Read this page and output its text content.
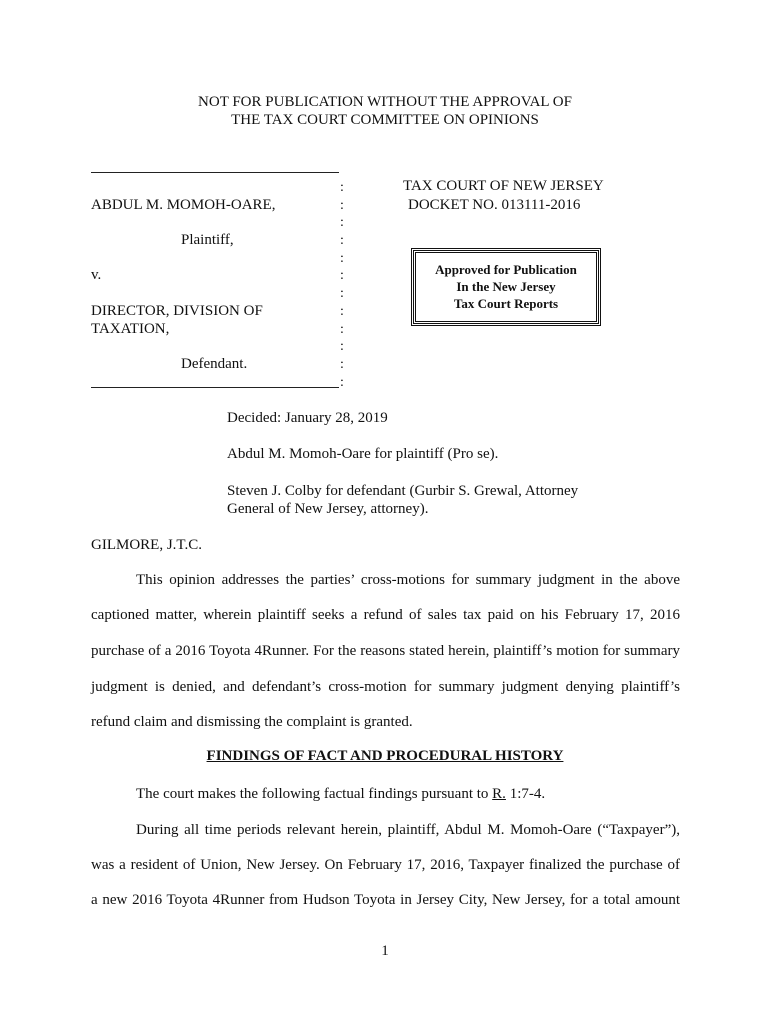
NOT FOR PUBLICATION WITHOUT THE APPROVAL OF
THE TAX COURT COMMITTEE ON OPINIONS
ABDUL M. MOMOH-OARE,
Plaintiff,
v.
DIRECTOR, DIVISION OF
TAXATION,
Defendant.
:
:
:
:
:
:
:
:
:
:
:
:
TAX COURT OF NEW JERSEY
DOCKET NO. 013111-2016
Approved for Publication
In the New Jersey
Tax Court Reports
Decided: January 28, 2019
Abdul M. Momoh-Oare for plaintiff (Pro se).
Steven J. Colby for defendant (Gurbir S. Grewal, Attorney
General of New Jersey, attorney).
GILMORE, J.T.C.
This opinion addresses the parties’ cross-motions for summary judgment in the above
captioned matter, wherein plaintiff seeks a refund of sales tax paid on his February 17, 2016
purchase of a 2016 Toyota 4Runner. For the reasons stated herein, plaintiff’s motion for summary
judgment is denied, and defendant’s cross-motion for summary judgment denying plaintiff’s
refund claim and dismissing the complaint is granted.
FINDINGS OF FACT AND PROCEDURAL HISTORY
The court makes the following factual findings pursuant to R. 1:7-4.
During all time periods relevant herein, plaintiff, Abdul M. Momoh-Oare (“Taxpayer”),
was a resident of Union, New Jersey. On February 17, 2016, Taxpayer finalized the purchase of
a new 2016 Toyota 4Runner from Hudson Toyota in Jersey City, New Jersey, for a total amount
1
